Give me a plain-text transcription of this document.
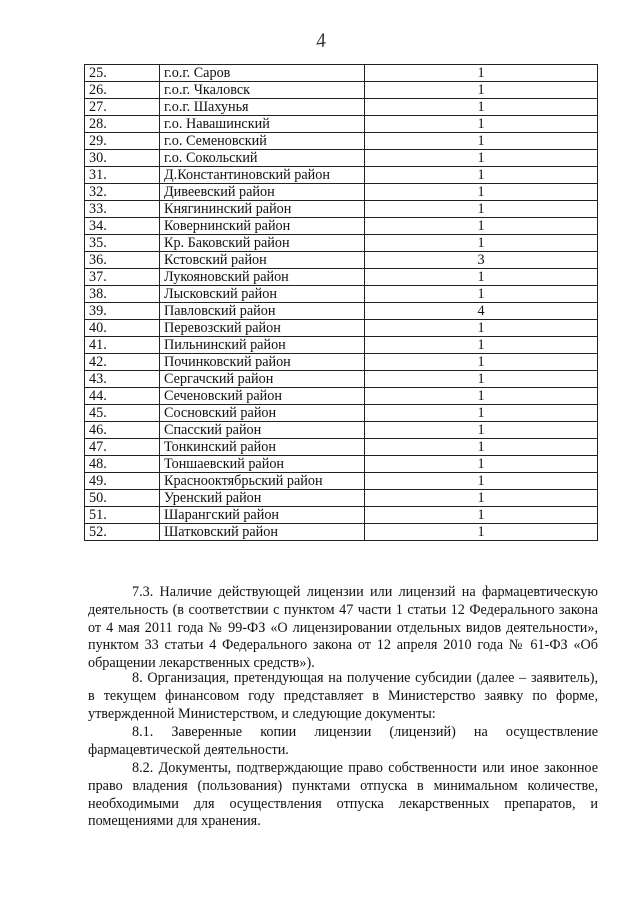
4
25.	г.о.г. Саров	1
26.	г.о.г. Чкаловск	1
27.	г.о.г. Шахунья	1
28.	г.о. Навашинский	1
29.	г.о. Семеновский	1
30.	г.о. Сокольский	1
31.	Д.Константиновский район	1
32.	Дивеевский район	1
33.	Княгининский район	1
34.	Ковернинский район	1
35.	Кр. Баковский район	1
36.	Кстовский район	3
37.	Лукояновский район	1
38.	Лысковский район	1
39.	Павловский район	4
40.	Перевозский район	1
41.	Пильнинский район	1
42.	Починковский район	1
43.	Сергачский район	1
44.	Сеченовский район	1
45.	Сосновский район	1
46.	Спасский район	1
47.	Тонкинский район	1
48.	Тоншаевский район	1
49.	Краснооктябрьский район	1
50.	Уренский район	1
51.	Шарангский район	1
52.	Шатковский район	1
7.3. Наличие действующей лицензии или лицензий на фармацевтическую деятельность (в соответствии с пунктом 47 части 1 статьи 12 Федерального закона от 4 мая 2011 года № 99-ФЗ «О лицензировании отдельных видов деятельности», пунктом 33 статьи 4 Федерального закона от 12 апреля 2010 года № 61-ФЗ «Об обращении лекарственных средств»).
8. Организация, претендующая на получение субсидии (далее – заявитель), в текущем финансовом году представляет в Министерство заявку по форме, утвержденной Министерством, и следующие документы:
8.1. Заверенные копии лицензии (лицензий) на осуществление фармацевтической деятельности.
8.2. Документы, подтверждающие право собственности или иное законное право владения (пользования) пунктами отпуска в минимальном количестве, необходимыми для осуществления отпуска лекарственных препаратов, и помещениями для хранения.
